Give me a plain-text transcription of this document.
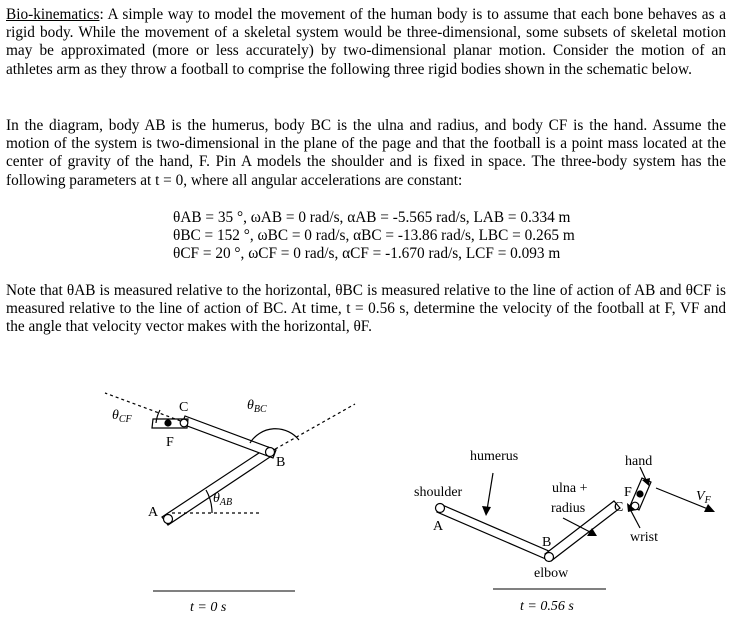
Bio-kinematics: A simple way to model the movement of the human body is to assume that each bone behaves as a rigid body. While the movement of a skeletal system would be three-dimensional, some subsets of skeletal motion may be approximated (more or less accurately) by two-dimensional planar motion. Consider the motion of an athletes arm as they throw a football to comprise the following three rigid bodies shown in the schematic below.

In the diagram, body AB is the humerus, body BC is the ulna and radius, and body CF is the hand. Assume the motion of the system is two-dimensional in the plane of the page and that the football is a point mass located at the center of gravity of the hand, F. Pin A models the shoulder and is fixed in space. The three-body system has the following parameters at t = 0, where all angular accelerations are constant:

θAB = 35 °, ωAB = 0 rad/s, αAB = -5.565 rad/s, LAB = 0.334 m
θBC = 152 °, ωBC = 0 rad/s, αBC = -13.86 rad/s, LBC = 0.265 m
θCF = 20 °, ωCF = 0 rad/s, αCF = -1.670 rad/s, LCF = 0.093 m

Note that θAB is measured relative to the horizontal, θBC is measured relative to the line of action of AB and θCF is measured relative to the line of action of BC. At time, t = 0.56 s, determine the velocity of the football at F, VF and the angle that velocity vector makes with the horizontal, θF.

$\theta_{CF}$
$\theta_{BC}$
$\theta_{AB}$
A
B
C
F
t = 0 s
humerus
shoulder
A
ulna +
radius
B
elbow
hand
F
C
wrist
$V_F$
t = 0.56 s
